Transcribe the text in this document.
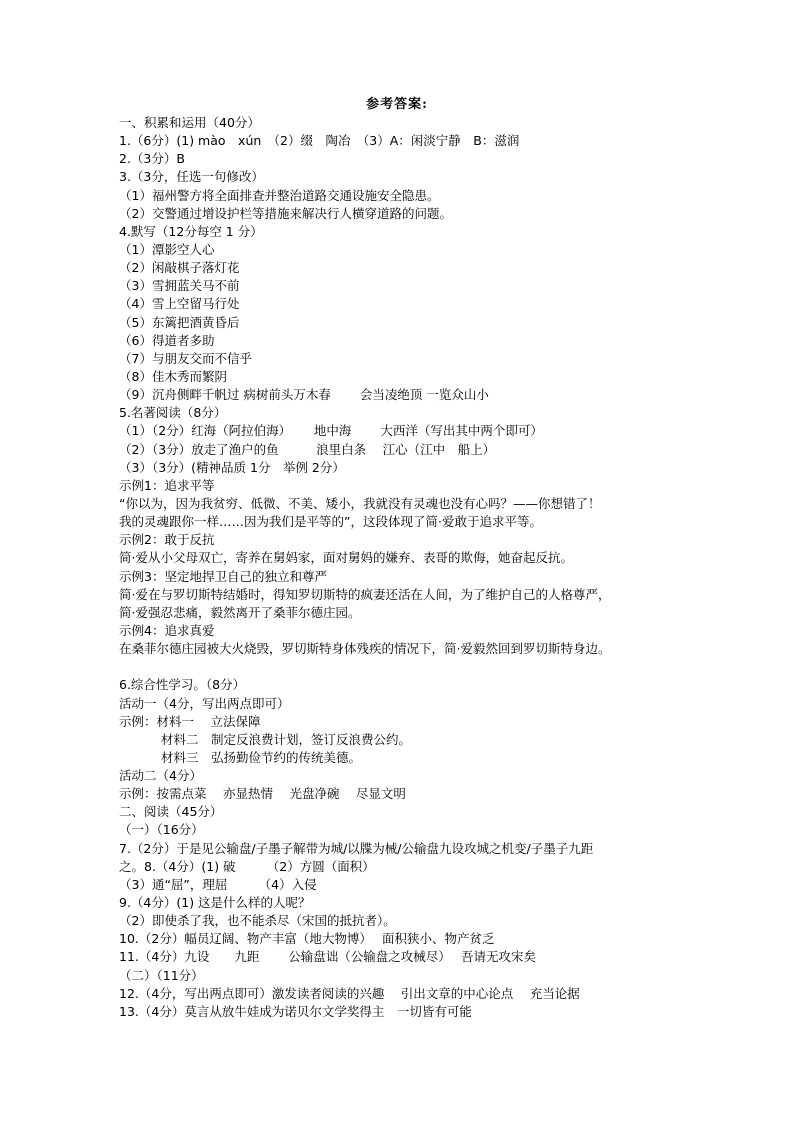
参考答案:
一、积累和运用（40分）
1.（6分）(1) mào　xún　（2）缀　陶冶　（3）A：闲淡宁静　B：滋润
2.（3分）B
3.（3分，任选一句修改）
（1）福州警方将全面排查并整治道路交通设施安全隐患。
（2）交警通过增设护栏等措施来解决行人横穿道路的问题。
4.默写（12分每空 1 分）
（1）潭影空人心
（2）闲敲棋子落灯花
（3）雪拥蓝关马不前
（4）雪上空留马行处
（5）东篱把酒黄昏后
（6）得道者多助
（7）与朋友交而不信乎
（8）佳木秀而繁阴
（9）沉舟侧畔千帆过 病树前头万木春　　 会当凌绝顶 一览众山小
5.名著阅读（8分）
（1）（2分）红海（阿拉伯海）　　 地中海　　 大西洋（写出其中两个即可）
（2）（3分）放走了渔户的鱼　　　浪里白条　 江心（江中　船上）
（3）（3分）(精神品质 1分　举例 2分）
示例1：追求平等
“你以为，因为我贫穷、低微、不美、矮小，我就没有灵魂也没有心吗？——你想错了！
我的灵魂跟你一样……因为我们是平等的”，这段体现了简·爱敢于追求平等。
示例2：敢于反抗
简·爱从小父母双亡，寄养在舅妈家，面对舅妈的嫌弃、表哥的欺侮，她奋起反抗。
示例3：坚定地捍卫自己的独立和尊严
简·爱在与罗切斯特结婚时，得知罗切斯特的疯妻还活在人间，为了维护自己的人格尊严，
简·爱强忍悲痛，毅然离开了桑菲尔德庄园。
示例4：追求真爱
在桑菲尔德庄园被大火烧毁，罗切斯特身体残疾的情况下，简·爱毅然回到罗切斯特身边。
6.综合性学习。（8分）
活动一（4分，写出两点即可）
示例：材料一　 立法保障
材料二　制定反浪费计划，签订反浪费公约。
材料三　弘扬勤俭节约的传统美德。
活动二（4分）
示例：按需点菜　 亦显热情　 光盘净碗　 尽显文明
二、阅读（45分）
（一）（16分）
7.（2分）于是见公输盘/子墨子解带为城/以牒为械/公输盘九设攻城之机变/子墨子九距
之。8.（4分）(1) 破　　　（2）方圆（面积）
（3）通“屈”，理屈　　　（4）入侵
9.（4分）(1) 这是什么样的人呢？
（2）即使杀了我，也不能杀尽（宋国的抵抗者）。
10.（2分）幅员辽阔、物产丰富（地大物博）　 面积狭小、物产贫乏
11.（4分）九设　　九距　　 公输盘诎（公输盘之攻械尽）　 吾请无攻宋矣
（二）（11分）
12.（4分，写出两点即可）激发读者阅读的兴趣　 引出文章的中心论点　 充当论据
13.（4分）莫言从放牛娃成为诺贝尔文学奖得主　一切皆有可能
